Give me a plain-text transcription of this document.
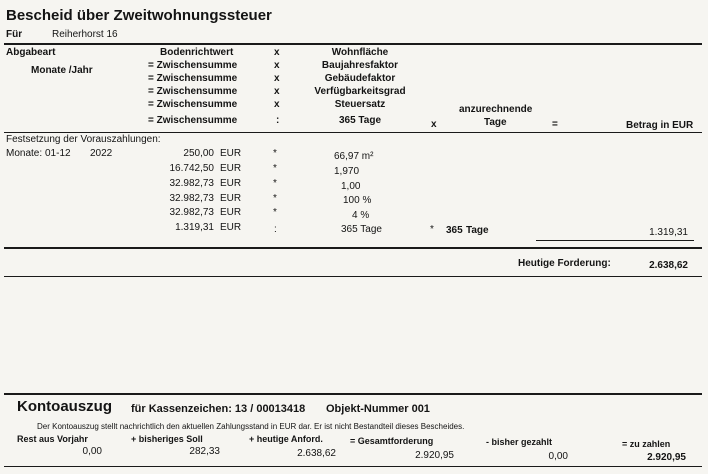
Bescheid über Zweitwohnungssteuer
Für	Reiherhorst 16
Abgabeart
Monate /Jahr
Bodenrichtwert	x	Wohnfläche
= Zwischensumme	x	Baujahresfaktor
= Zwischensumme	x	Gebäudefaktor
= Zwischensumme	x	Verfügbarkeitsgrad
= Zwischensumme	x	Steuersatz
= Zwischensumme	:	365 Tage
anzurechnende
x	Tage	=	Betrag in EUR
Festsetzung der Vorauszahlungen:
Monate: 01-12 2022	250,00 EUR	*	66,97 m²
16.742,50 EUR	*	1,970
32.982,73 EUR	*	1,00
32.982,73 EUR	*	100 %
32.982,73 EUR	*	4 %
1.319,31 EUR	:	365 Tage	* 365 Tage	1.319,31
Heutige Forderung:	2.638,62
Kontoauszug für Kassenzeichen: 13 / 00013418 Objekt-Nummer 001
Der Kontoauszug stellt nachrichtlich den aktuellen Zahlungsstand in EUR dar. Er ist nicht Bestandteil dieses Bescheides.
Rest aus Vorjahr	+ bisheriges Soll	+ heutige Anford.	= Gesamtforderung	- bisher gezahlt	= zu zahlen
0,00	282,33	2.638,62	2.920,95	0,00	2.920,95
